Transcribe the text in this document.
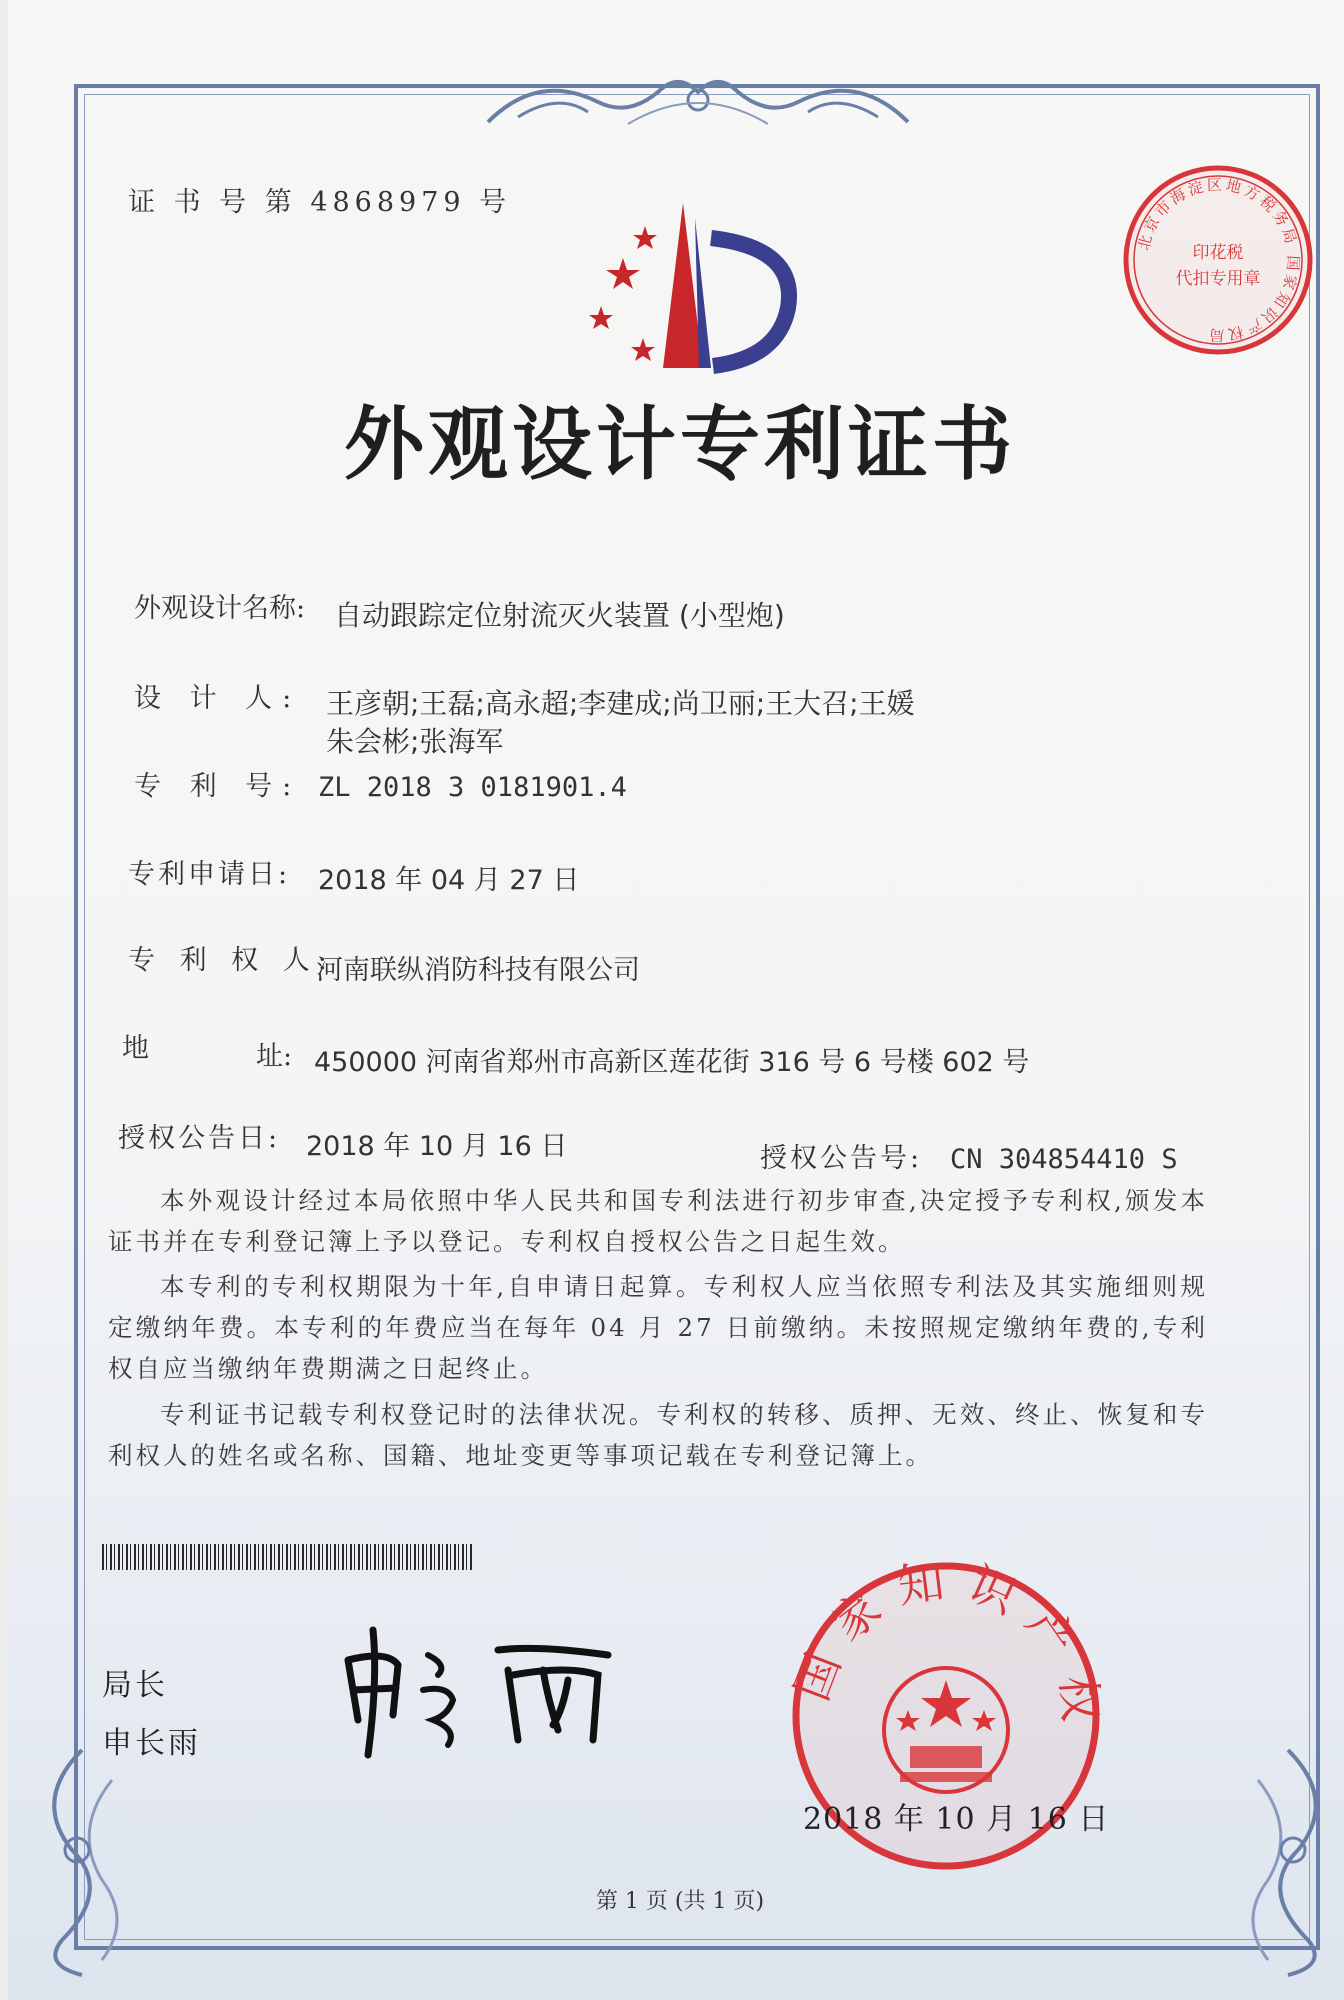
证 书 号 第 4868979 号
北京市海淀区地方税务局 国家知识产权局
印花税
代扣专用章
外观设计专利证书
外观设计名称: 自动跟踪定位射流灭火装置 (小型炮)
设 计 人: 王彦朝;王磊;高永超;李建成;尚卫丽;王大召;王媛
朱会彬;张海军
专 利 号: ZL 2018 3 0181901.4
专利申请日: 2018 年 04 月 27 日
专 利 权 人:
河南联纵消防科技有限公司
地	址: 450000 河南省郑州市高新区莲花街 316 号 6 号楼 602 号
授权公告日: 2018 年 10 月 16 日	授权公告号: CN 304854410 S
本外观设计经过本局依照中华人民共和国专利法进行初步审查,决定授予专利权,颁发本证书并在专利登记簿上予以登记。专利权自授权公告之日起生效。
本专利的专利权期限为十年,自申请日起算。专利权人应当依照专利法及其实施细则规定缴纳年费。本专利的年费应当在每年 04 月 27 日前缴纳。未按照规定缴纳年费的,专利权自应当缴纳年费期满之日起终止。
专利证书记载专利权登记时的法律状况。专利权的转移、质押、无效、终止、恢复和专利权人的姓名或名称、国籍、地址变更等事项记载在专利登记簿上。
局长
申长雨
国家知识产
2018 年 10 月 16 日
第 1 页 (共 1 页)
